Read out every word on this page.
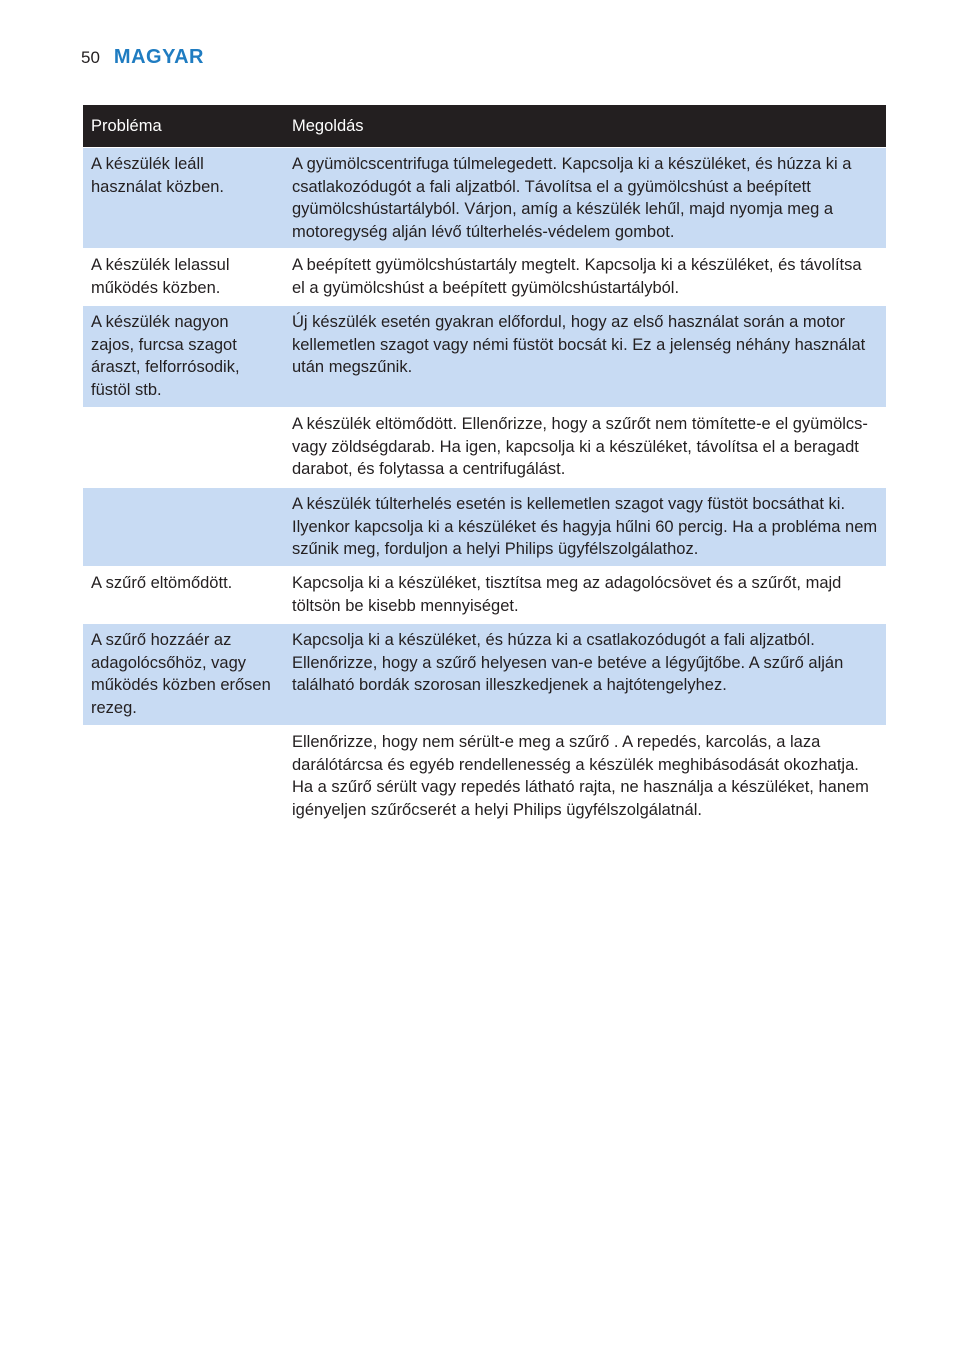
50 MAGYAR
Probléma	Megoldás
A készülék leáll használat közben.	A gyümölcscentrifuga túlmelegedett. Kapcsolja ki a készüléket, és húzza ki a csatlakozódugót a fali aljzatból. Távolítsa el a gyümölcshúst a beépített gyümölcshústartályból. Várjon, amíg a készülék lehűl, majd nyomja meg a motoregység alján lévő túlterhelés-védelem gombot.
A készülék lelassul működés közben.	A beépített gyümölcshústartály megtelt. Kapcsolja ki a készüléket, és távolítsa el a gyümölcshúst a beépített gyümölcshústartályból.
A készülék nagyon zajos, furcsa szagot áraszt, felforrósodik, füstöl stb.	Új készülék esetén gyakran előfordul, hogy az első használat során a motor kellemetlen szagot vagy némi füstöt bocsát ki. Ez a jelenség néhány használat után megszűnik.
	A készülék eltömődött. Ellenőrizze, hogy a szűrőt nem tömítette-e el gyümölcs- vagy zöldségdarab. Ha igen, kapcsolja ki a készüléket, távolítsa el a beragadt darabot, és folytassa a centrifugálást.
	A készülék túlterhelés esetén is kellemetlen szagot vagy füstöt bocsáthat ki. Ilyenkor kapcsolja ki a készüléket és hagyja hűlni 60 percig. Ha a probléma nem szűnik meg, forduljon a helyi Philips ügyfélszolgálathoz.
A szűrő eltömődött.	Kapcsolja ki a készüléket, tisztítsa meg az adagolócsövet és a szűrőt, majd töltsön be kisebb mennyiséget.
A szűrő hozzáér az adagolócsőhöz, vagy működés közben erősen rezeg.	Kapcsolja ki a készüléket, és húzza ki a csatlakozódugót a fali aljzatból. Ellenőrizze, hogy a szűrő helyesen van-e betéve a légyűjtőbe. A szűrő alján található bordák szorosan illeszkedjenek a hajtótengelyhez.
	Ellenőrizze, hogy nem sérült-e meg a szűrő . A repedés, karcolás, a laza darálótárcsa és egyéb rendellenesség a készülék meghibásodását okozhatja. Ha a szűrő sérült vagy repedés látható rajta, ne használja a készüléket, hanem igényeljen szűrőcserét a helyi Philips ügyfélszolgálatnál.
